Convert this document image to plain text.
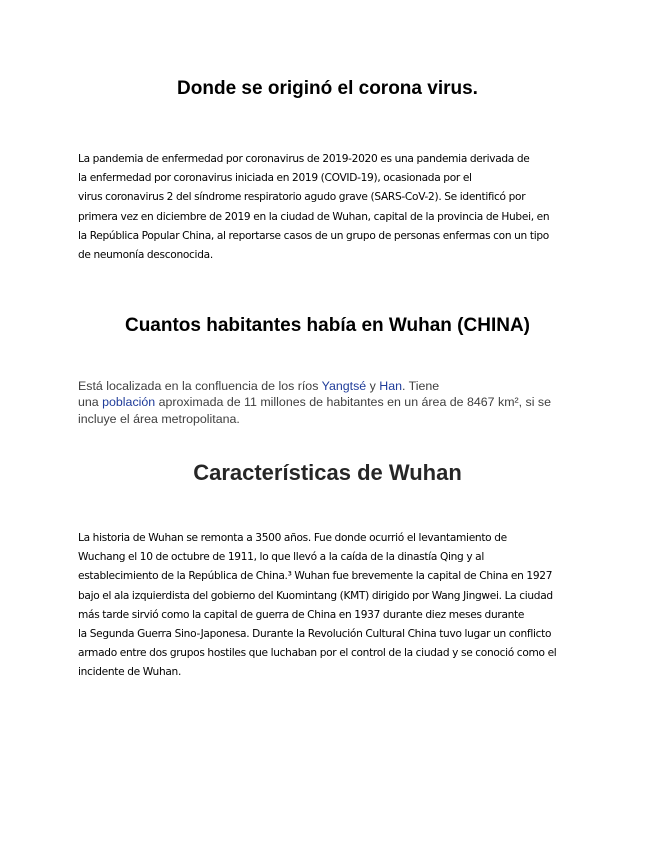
Donde se originó el corona virus.

La pandemia de enfermedad por coronavirus de 2019-2020 es una pandemia derivada de
la enfermedad por coronavirus iniciada en 2019 (COVID-19), ocasionada por el
virus coronavirus 2 del síndrome respiratorio agudo grave (SARS-CoV-2). Se identificó por
primera vez en diciembre de 2019 en la ciudad de Wuhan, capital de la provincia de Hubei, en
la República Popular China, al reportarse casos de un grupo de personas enfermas con un tipo
de neumonía desconocida.

Cuantos habitantes había en Wuhan (CHINA)

Está localizada en la confluencia de los ríos Yangtsé y Han. Tiene
una población aproximada de 11 millones de habitantes en un área de 8467 km², si se
incluye el área metropolitana.

Características de Wuhan

La historia de Wuhan se remonta a 3500 años. Fue donde ocurrió el levantamiento de
Wuchang el 10 de octubre de 1911, lo que llevó a la caída de la dinastía Qing y al
establecimiento de la República de China.³ Wuhan fue brevemente la capital de China en 1927
bajo el ala izquierdista del gobierno del Kuomintang (KMT) dirigido por Wang Jingwei. La ciudad
más tarde sirvió como la capital de guerra de China en 1937 durante diez meses durante
la Segunda Guerra Sino-Japonesa. Durante la Revolución Cultural China tuvo lugar un conflicto
armado entre dos grupos hostiles que luchaban por el control de la ciudad y se conoció como el
incidente de Wuhan.
